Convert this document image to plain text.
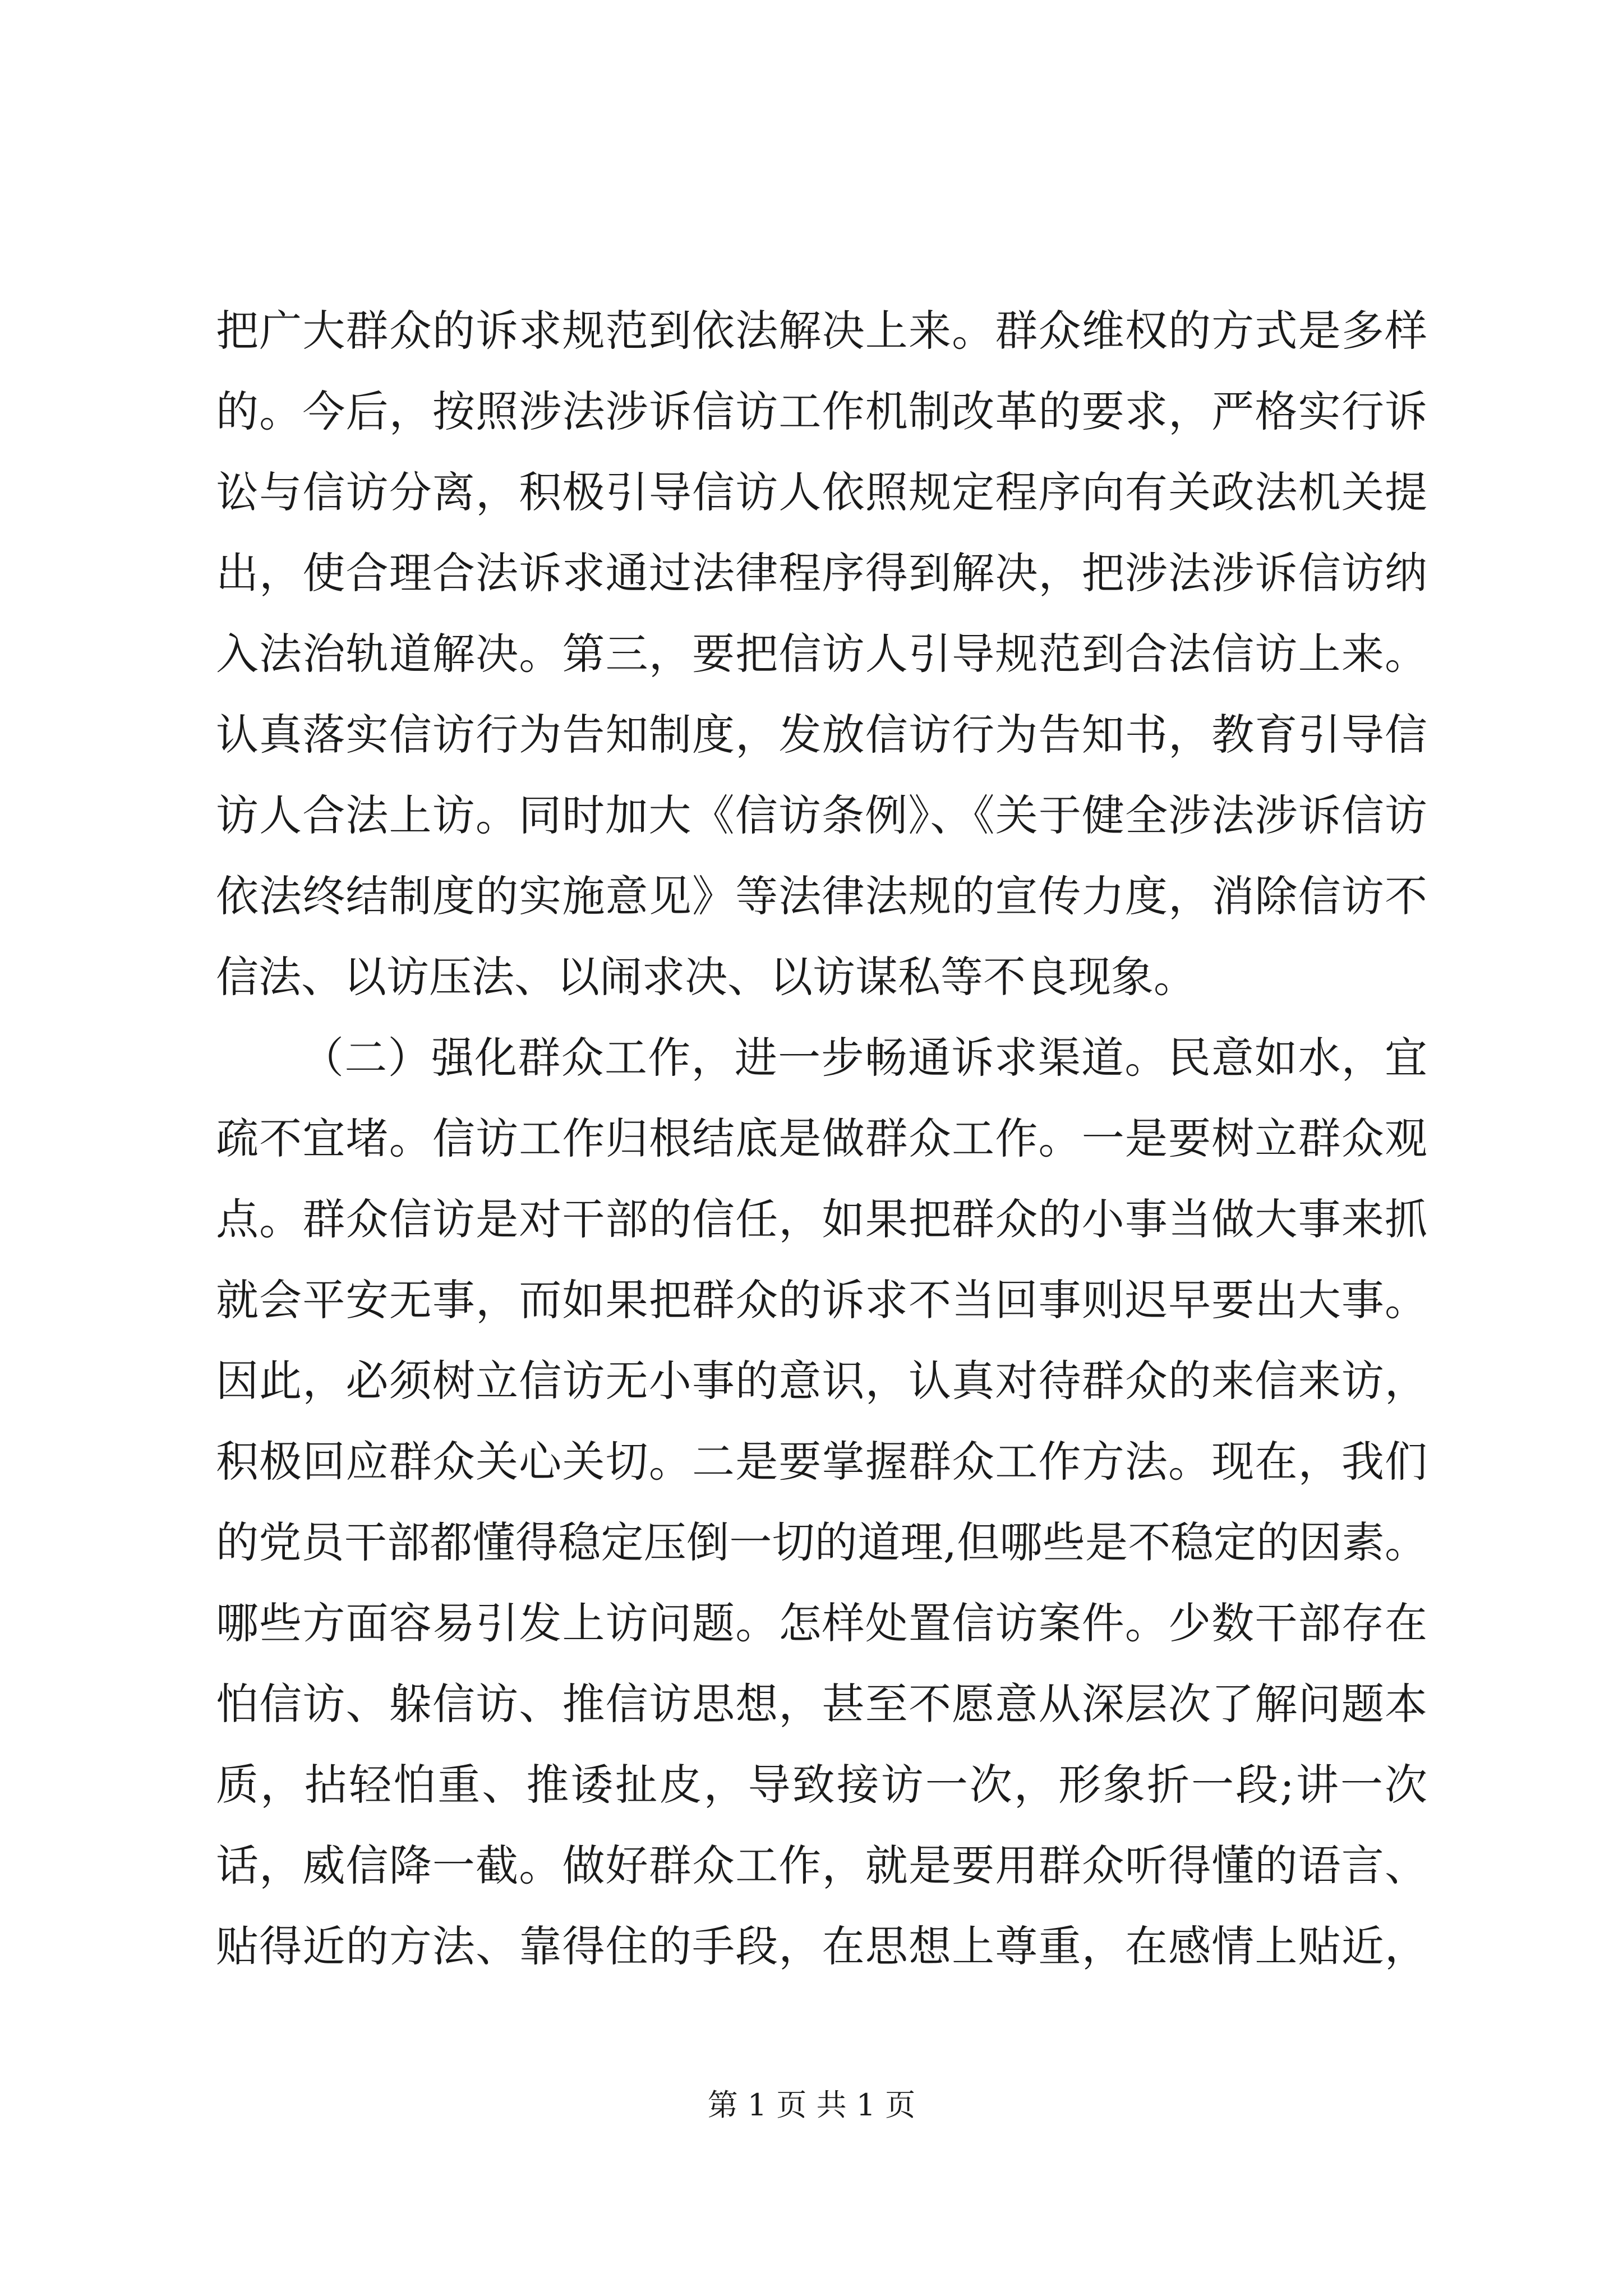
把广大群众的诉求规范到依法解决上来。群众维权的方式是多样
的。今后，按照涉法涉诉信访工作机制改革的要求，严格实行诉
讼与信访分离，积极引导信访人依照规定程序向有关政法机关提
出，使合理合法诉求通过法律程序得到解决，把涉法涉诉信访纳
入法治轨道解决。第三，要把信访人引导规范到合法信访上来。
认真落实信访行为告知制度，发放信访行为告知书，教育引导信
访人合法上访。同时加大《信访条例》、《关于健全涉法涉诉信访
依法终结制度的实施意见》等法律法规的宣传力度，消除信访不
信法、以访压法、以闹求决、以访谋私等不良现象。
（二）强化群众工作，进一步畅通诉求渠道。民意如水，宜
疏不宜堵。信访工作归根结底是做群众工作。一是要树立群众观
点。群众信访是对干部的信任，如果把群众的小事当做大事来抓
就会平安无事，而如果把群众的诉求不当回事则迟早要出大事。
因此，必须树立信访无小事的意识，认真对待群众的来信来访，
积极回应群众关心关切。二是要掌握群众工作方法。现在，我们
的党员干部都懂得稳定压倒一切的道理,但哪些是不稳定的因素。
哪些方面容易引发上访问题。怎样处置信访案件。少数干部存在
怕信访、躲信访、推信访思想，甚至不愿意从深层次了解问题本
质，拈轻怕重、推诿扯皮，导致接访一次，形象折一段;讲一次
话，威信降一截。做好群众工作，就是要用群众听得懂的语言、
贴得近的方法、靠得住的手段，在思想上尊重，在感情上贴近，
第 1 页 共 1 页
